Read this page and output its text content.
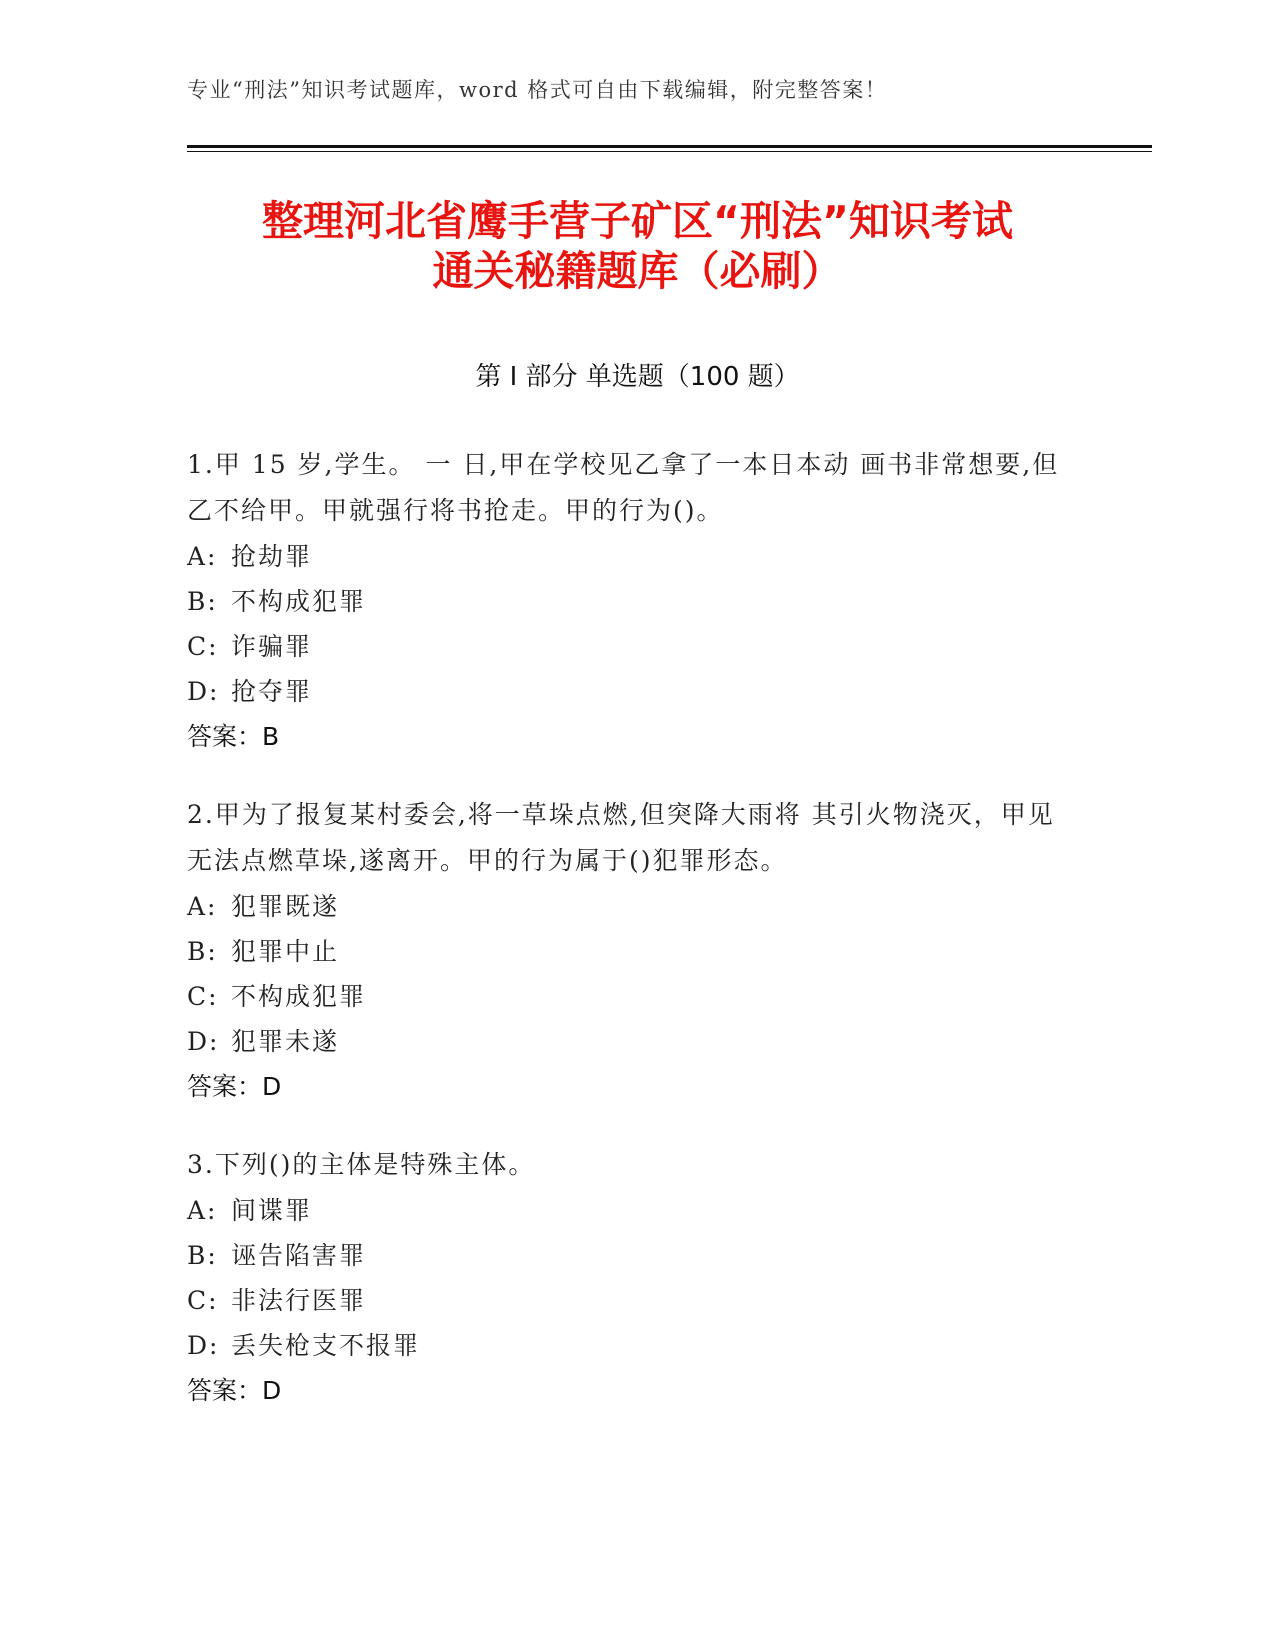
专业“刑法”知识考试题库，word 格式可自由下载编辑，附完整答案！
整理河北省鹰手营子矿区“刑法”知识考试
通关秘籍题库（必刷）
第 I 部分 单选题（100 题）

1.甲 15 岁,学生。 一 日,甲在学校见乙拿了一本日本动 画书非常想要,但乙不给甲。甲就强行将书抢走。甲的行为()。

A: 抢劫罪
B: 不构成犯罪
C: 诈骗罪
D: 抢夺罪
答案：B

2.甲为了报复某村委会,将一草垛点燃,但突降大雨将 其引火物浇灭，甲见无法点燃草垛,遂离开。甲的行为属于()犯罪形态。

A: 犯罪既遂
B: 犯罪中止
C: 不构成犯罪
D: 犯罪未遂
答案：D

3.下列()的主体是特殊主体。

A: 间谍罪
B: 诬告陷害罪
C: 非法行医罪
D: 丢失枪支不报罪
答案：D
